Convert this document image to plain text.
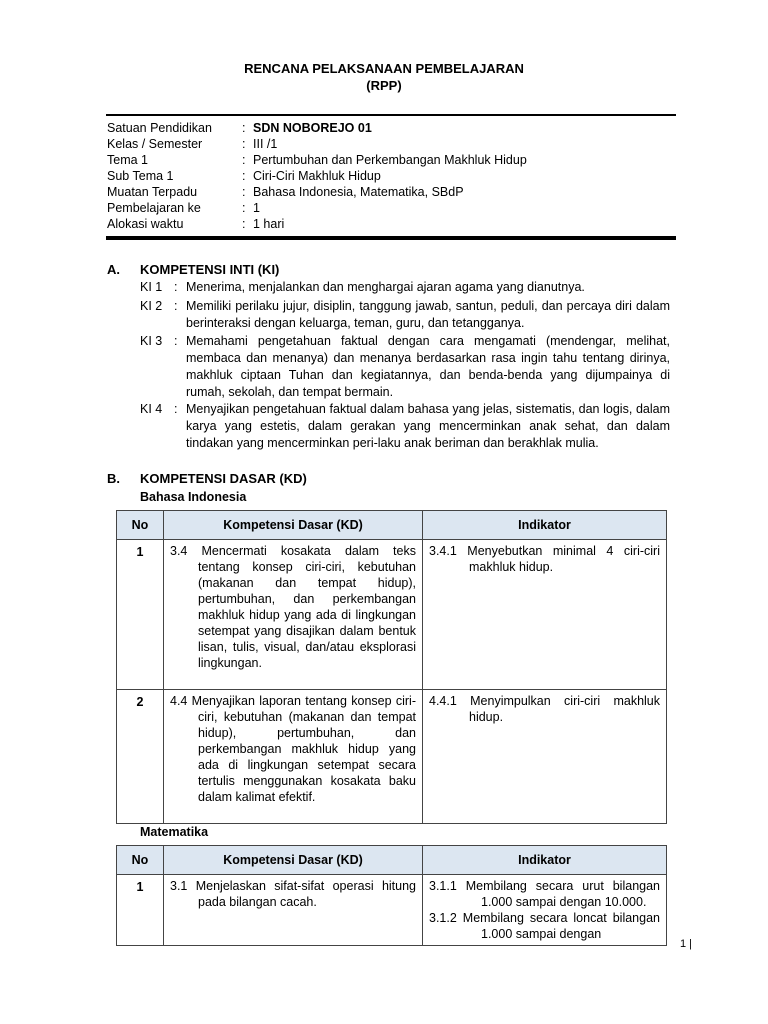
RENCANA PELAKSANAAN PEMBELAJARAN
(RPP)
Satuan Pendidikan	: SDN NOBOREJO 01
Kelas / Semester	: III /1
Tema 1	: Pertumbuhan dan Perkembangan Makhluk Hidup
Sub Tema 1	: Ciri-Ciri Makhluk Hidup
Muatan Terpadu	: Bahasa Indonesia, Matematika, SBdP
Pembelajaran ke	: 1
Alokasi waktu	: 1 hari
A. KOMPETENSI INTI (KI)
KI 1 : Menerima, menjalankan dan menghargai ajaran agama yang dianutnya.
KI 2 : Memiliki perilaku jujur, disiplin, tanggung jawab, santun, peduli, dan percaya diri dalam berinteraksi dengan keluarga, teman, guru, dan tetangganya.
KI 3 : Memahami pengetahuan faktual dengan cara mengamati (mendengar, melihat, membaca dan menanya) dan menanya berdasarkan rasa ingin tahu tentang dirinya, makhluk ciptaan Tuhan dan kegiatannya, dan benda-benda yang dijumpainya di rumah, sekolah, dan tempat bermain.
KI 4 : Menyajikan pengetahuan faktual dalam bahasa yang jelas, sistematis, dan logis, dalam karya yang estetis, dalam gerakan yang mencerminkan anak sehat, dan dalam tindakan yang mencerminkan peri-laku anak beriman dan berakhlak mulia.
B. KOMPETENSI DASAR (KD)
Bahasa Indonesia
No	Kompetensi Dasar (KD)	Indikator
1	3.4 Mencermati kosakata dalam teks tentang konsep ciri-ciri, kebutuhan (makanan dan tempat hidup), pertumbuhan, dan perkembangan makhluk hidup yang ada di lingkungan setempat yang disajikan dalam bentuk lisan, tulis, visual, dan/atau eksplorasi lingkungan.	3.4.1 Menyebutkan minimal 4 ciri-ciri makhluk hidup.

2	4.4 Menyajikan laporan tentang konsep ciri-ciri, kebutuhan (makanan dan tempat hidup), pertumbuhan, dan perkembangan makhluk hidup yang ada di lingkungan setempat secara tertulis menggunakan kosakata baku dalam kalimat efektif.	4.4.1 Menyimpulkan ciri-ciri makhluk hidup.
Matematika
No	Kompetensi Dasar (KD)	Indikator
1	3.1 Menjelaskan sifat-sifat operasi hitung pada bilangan cacah.	3.1.1 Membilang secara urut bilangan 1.000 sampai dengan 10.000.
3.1.2 Membilang secara loncat bilangan 1.000 sampai dengan
1 |
